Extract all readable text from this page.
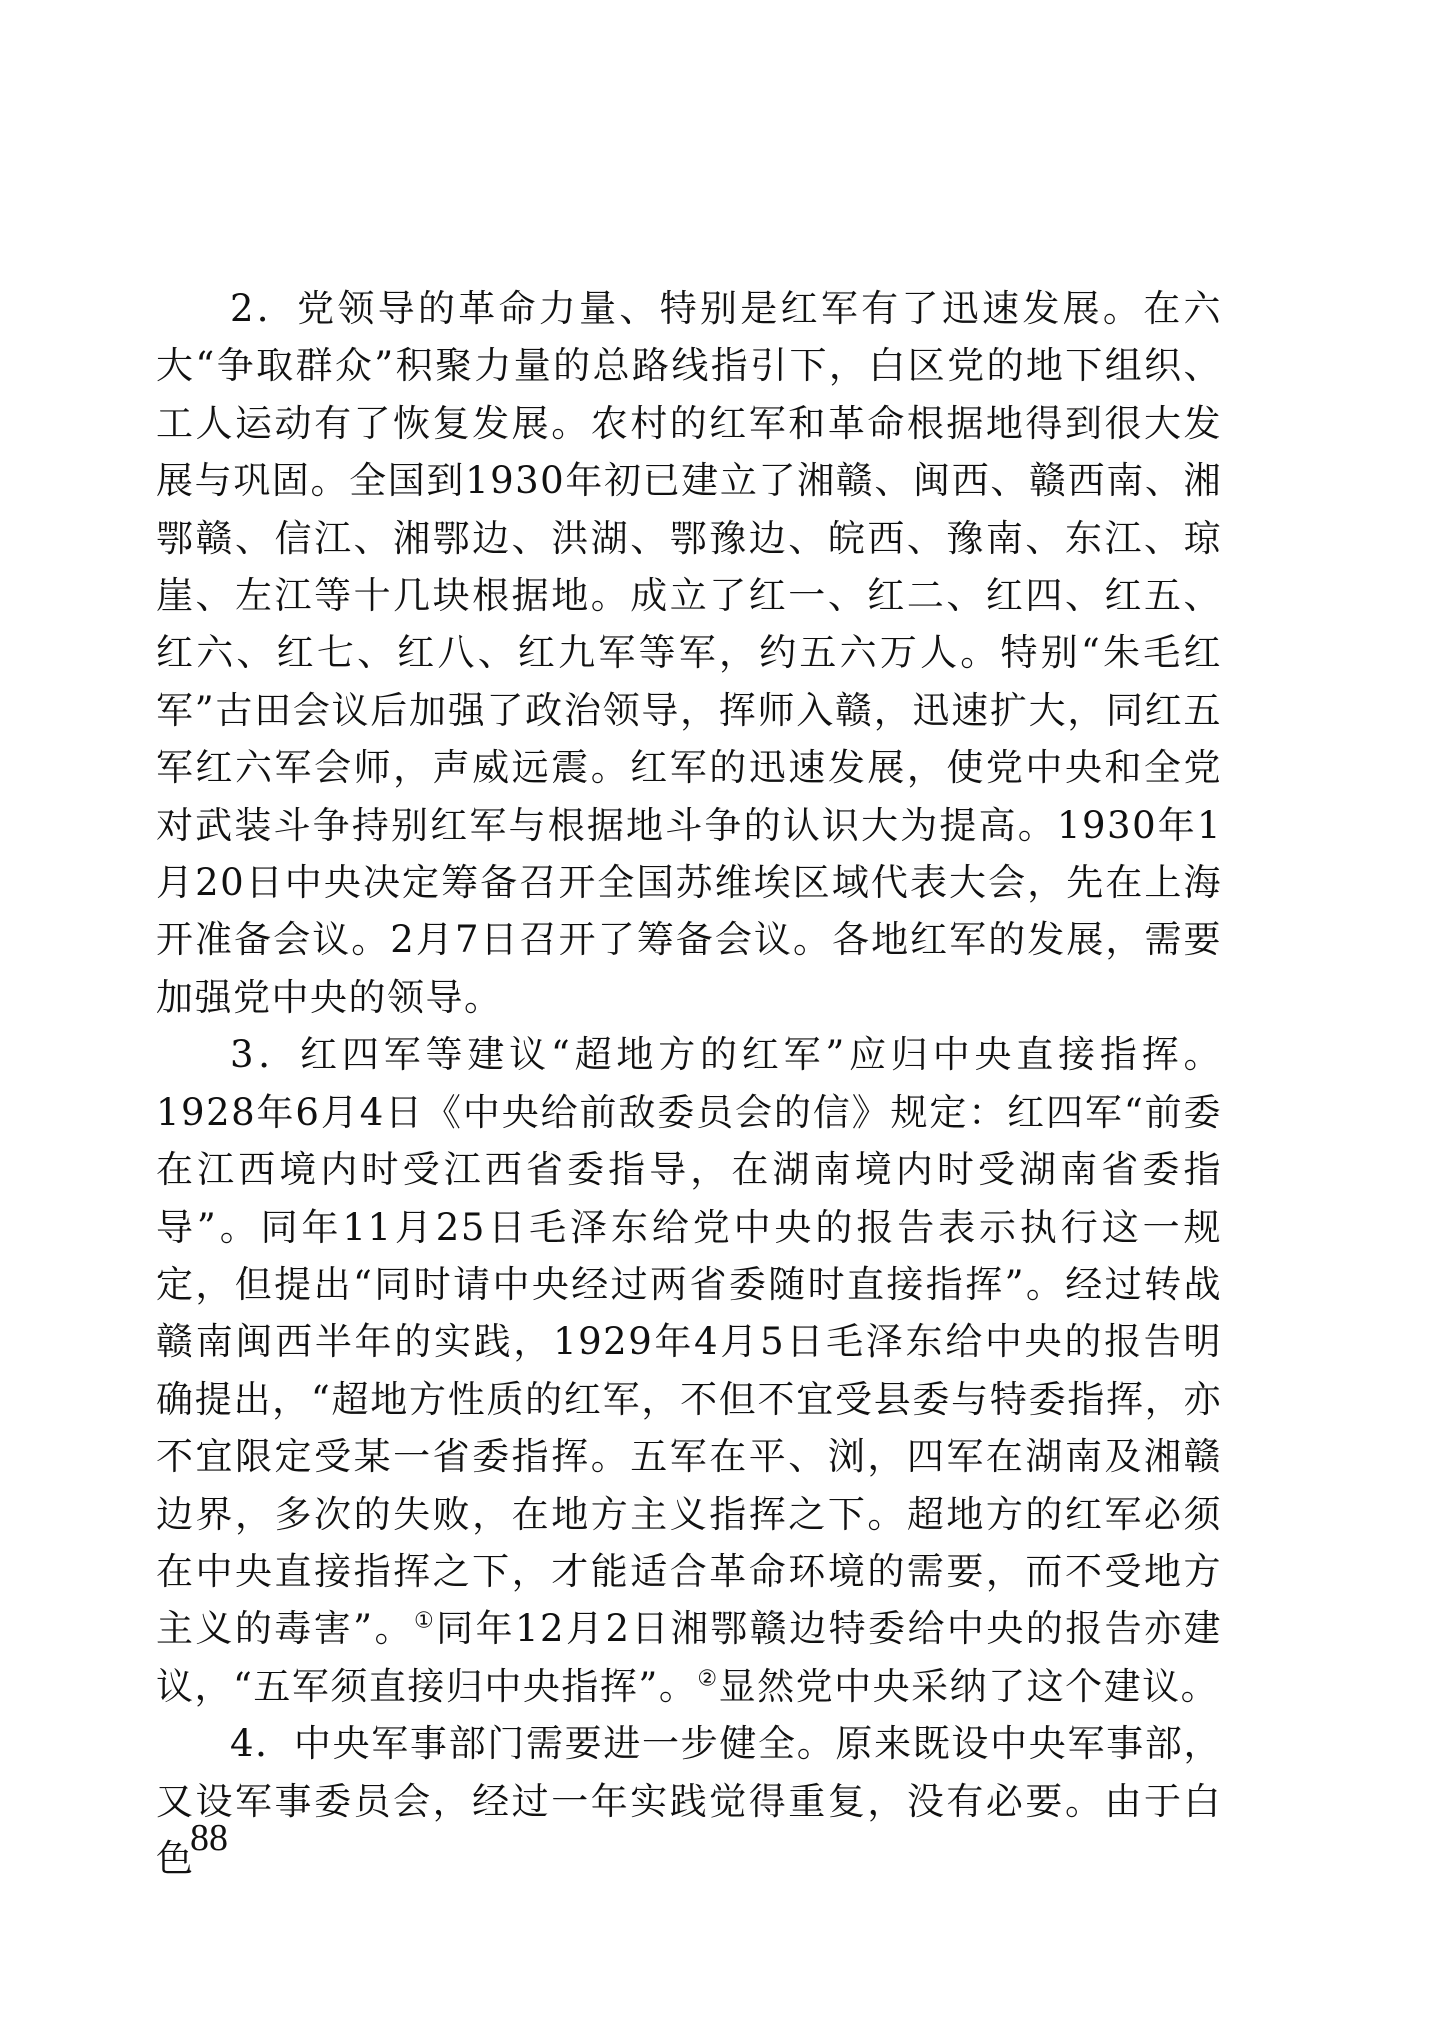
2．党领导的革命力量、特别是红军有了迅速发展。在六大“争取群众”积聚力量的总路线指引下，白区党的地下组织、工人运动有了恢复发展。农村的红军和革命根据地得到很大发展与巩固。全国到1930年初已建立了湘赣、闽西、赣西南、湘鄂赣、信江、湘鄂边、洪湖、鄂豫边、皖西、豫南、东江、琼崖、左江等十几块根据地。成立了红一、红二、红四、红五、红六、红七、红八、红九军等军，约五六万人。特别“朱毛红军”古田会议后加强了政治领导，挥师入赣，迅速扩大，同红五军红六军会师，声威远震。红军的迅速发展，使党中央和全党对武装斗争持别红军与根据地斗争的认识大为提高。1930年1月20日中央决定筹备召开全国苏维埃区域代表大会，先在上海开准备会议。2月7日召开了筹备会议。各地红军的发展，需要加强党中央的领导。

3．红四军等建议“超地方的红军”应归中央直接指挥。1928年6月4日《中央给前敌委员会的信》规定：红四军“前委在江西境内时受江西省委指导，在湖南境内时受湖南省委指导”。同年11月25日毛泽东给党中央的报告表示执行这一规定，但提出“同时请中央经过两省委随时直接指挥”。经过转战赣南闽西半年的实践，1929年4月5日毛泽东给中央的报告明确提出，“超地方性质的红军，不但不宜受县委与特委指挥，亦不宜限定受某一省委指挥。五军在平、浏，四军在湖南及湘赣边界，多次的失败，在地方主义指挥之下。超地方的红军必须在中央直接指挥之下，才能适合革命环境的需要，而不受地方主义的毒害”。①同年12月2日湘鄂赣边特委给中央的报告亦建议，“五军须直接归中央指挥”。②显然党中央采纳了这个建议。

4．中央军事部门需要进一步健全。原来既设中央军事部，又设军事委员会，经过一年实践觉得重复，没有必要。由于白色

88
